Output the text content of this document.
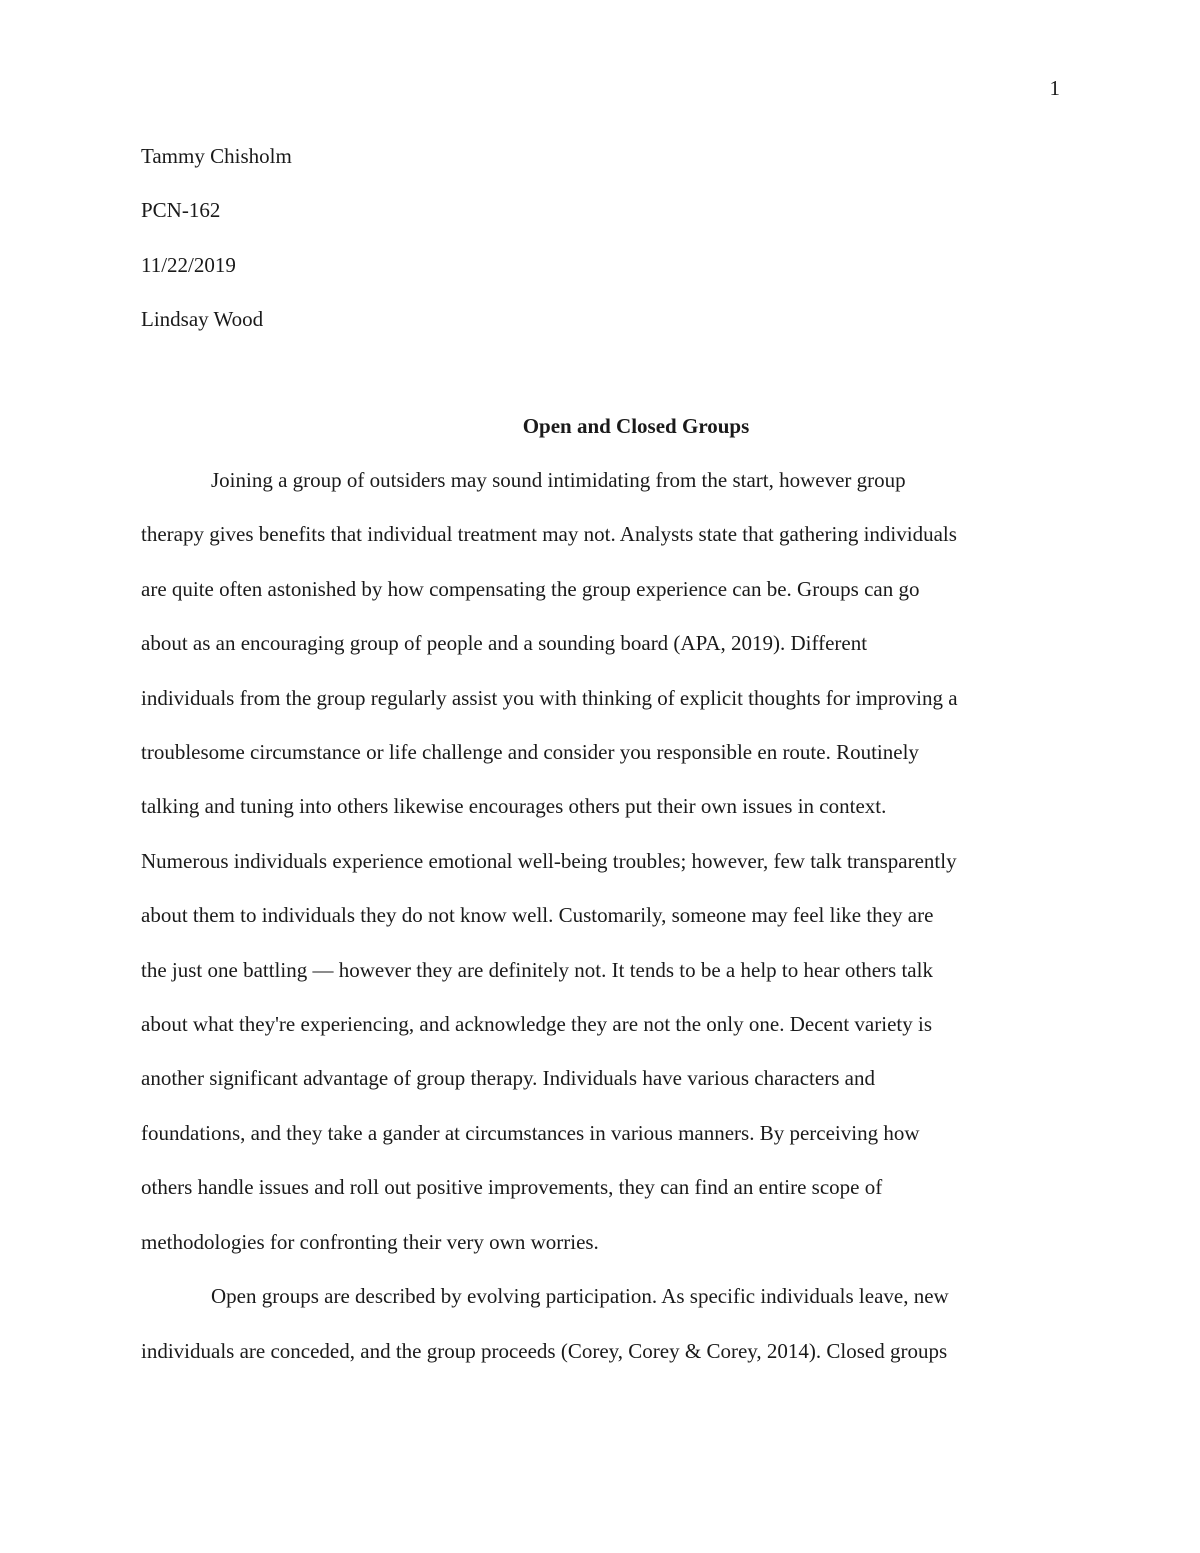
1
Tammy Chisholm
PCN-162
11/22/2019
Lindsay Wood
Open and Closed Groups

Joining a group of outsiders may sound intimidating from the start, however group
therapy gives benefits that individual treatment may not. Analysts state that gathering individuals
are quite often astonished by how compensating the group experience can be. Groups can go
about as an encouraging group of people and a sounding board (APA, 2019). Different
individuals from the group regularly assist you with thinking of explicit thoughts for improving a
troublesome circumstance or life challenge and consider you responsible en route. Routinely
talking and tuning into others likewise encourages others put their own issues in context.
Numerous individuals experience emotional well-being troubles; however, few talk transparently
about them to individuals they do not know well. Customarily, someone may feel like they are
the just one battling — however they are definitely not. It tends to be a help to hear others talk
about what they're experiencing, and acknowledge they are not the only one. Decent variety is
another significant advantage of group therapy. Individuals have various characters and
foundations, and they take a gander at circumstances in various manners. By perceiving how
others handle issues and roll out positive improvements, they can find an entire scope of
methodologies for confronting their very own worries.

Open groups are described by evolving participation. As specific individuals leave, new
individuals are conceded, and the group proceeds (Corey, Corey & Corey, 2014). Closed groups
